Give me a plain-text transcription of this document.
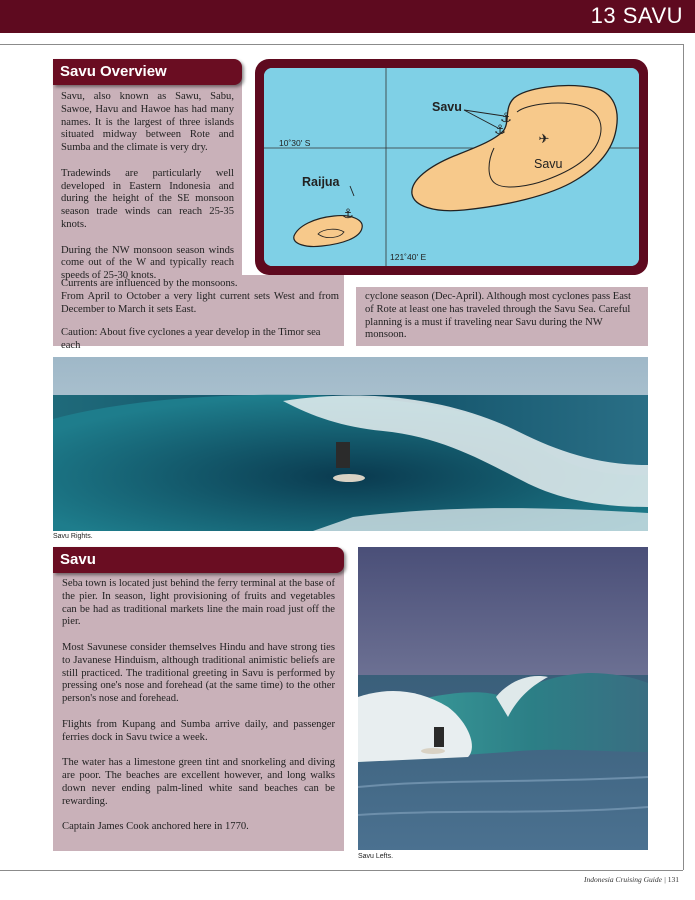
13 SAVU
Savu Overview

Savu, also known as Sawu, Sabu, Sawoe, Havu and Hawoe has had many names. It is the largest of three islands situated midway between Rote and Sumba and the climate is very dry.

Tradewinds are particularly well developed in Eastern Indonesia and during the height of the SE monsoon season trade winds can reach 25-35 knots.

During the NW monsoon season winds come out of the W and typically reach speeds of 25-30 knots.

Currents are influenced by the monsoons.
From April to October a very light current sets West and from December to March it sets East.
Caution: About five cyclones a year develop in the Timor sea each
cyclone season (Dec-April). Although most cyclones pass East of Rote at least one has traveled through the Savu Sea. Careful planning is a must if traveling near Savu during the NW monsoon.
⚓
⚓
⚓
✈
Savu
Savu
Raijua
10˚30' S
121˚40' E
Savu Rights.
Savu

Seba town is located just behind the ferry terminal at the base of the pier. In season, light provisioning of fruits and vegetables can be had as traditional markets line the main road just off the pier.

Most Savunese consider themselves Hindu and have strong ties to Javanese Hinduism, although traditional animistic beliefs are still practiced. The traditional greeting in Savu is performed by pressing one's nose and forehead (at the same time) to the other person's nose and forehead.

Flights from Kupang and Sumba arrive daily, and passenger ferries dock in Savu twice a week.

The water has a limestone green tint and snorkeling and diving are poor. The beaches are excellent however, and long walks down never ending palm-lined white sand beaches can be rewarding.

Captain James Cook anchored here in 1770.

Savu Lefts.
Indonesia Cruising Guide | 131
